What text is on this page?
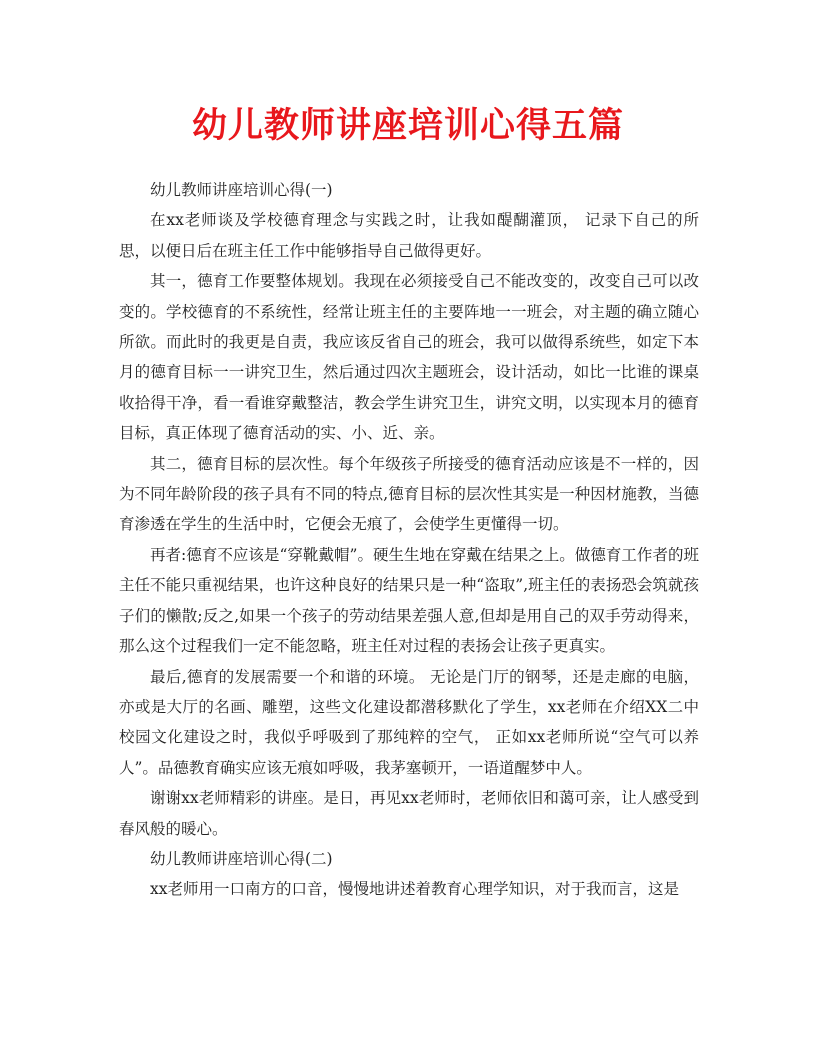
幼儿教师讲座培训心得五篇

幼儿教师讲座培训心得(一)

在xx老师谈及学校德育理念与实践之时，让我如醍醐灌顶， 记录下自己的所思，以便日后在班主任工作中能够指导自己做得更好。

其一，德育工作要整体规划。我现在必须接受自己不能改变的，改变自己可以改变的。学校德育的不系统性，经常让班主任的主要阵地一一班会，对主题的确立随心所欲。而此时的我更是自责，我应该反省自己的班会，我可以做得系统些，如定下本月的德育目标一一讲究卫生，然后通过四次主题班会，设计活动，如比一比谁的课桌收拾得干净，看一看谁穿戴整洁，教会学生讲究卫生，讲究文明，以实现本月的德育目标，真正体现了德育活动的实、小、近、亲。

其二，德育目标的层次性。每个年级孩子所接受的德育活动应该是不一样的，因为不同年龄阶段的孩子具有不同的特点,德育目标的层次性其实是一种因材施教，当德育渗透在学生的生活中时，它便会无痕了，会使学生更懂得一切。

再者:德育不应该是“穿靴戴帽”。硬生生地在穿戴在结果之上。做德育工作者的班主任不能只重视结果，也许这种良好的结果只是一种“盗取”,班主任的表扬恐会筑就孩子们的懒散;反之,如果一个孩子的劳动结果差强人意,但却是用自己的双手劳动得来，那么这个过程我们一定不能忽略，班主任对过程的表扬会让孩子更真实。

最后,德育的发展需要一个和谐的环境。 无论是门厅的钢琴，还是走廊的电脑，亦或是大厅的名画、雕塑，这些文化建设都潜移默化了学生，xx老师在介绍XX二中校园文化建设之时，我似乎呼吸到了那纯粹的空气， 正如xx老师所说“空气可以养人”。品德教育确实应该无痕如呼吸，我茅塞顿开，一语道醒梦中人。

谢谢xx老师精彩的讲座。是日，再见xx老师时，老师依旧和蔼可亲，让人感受到春风般的暖心。

幼儿教师讲座培训心得(二)

xx老师用一口南方的口音，慢慢地讲述着教育心理学知识，对于我而言，这是
